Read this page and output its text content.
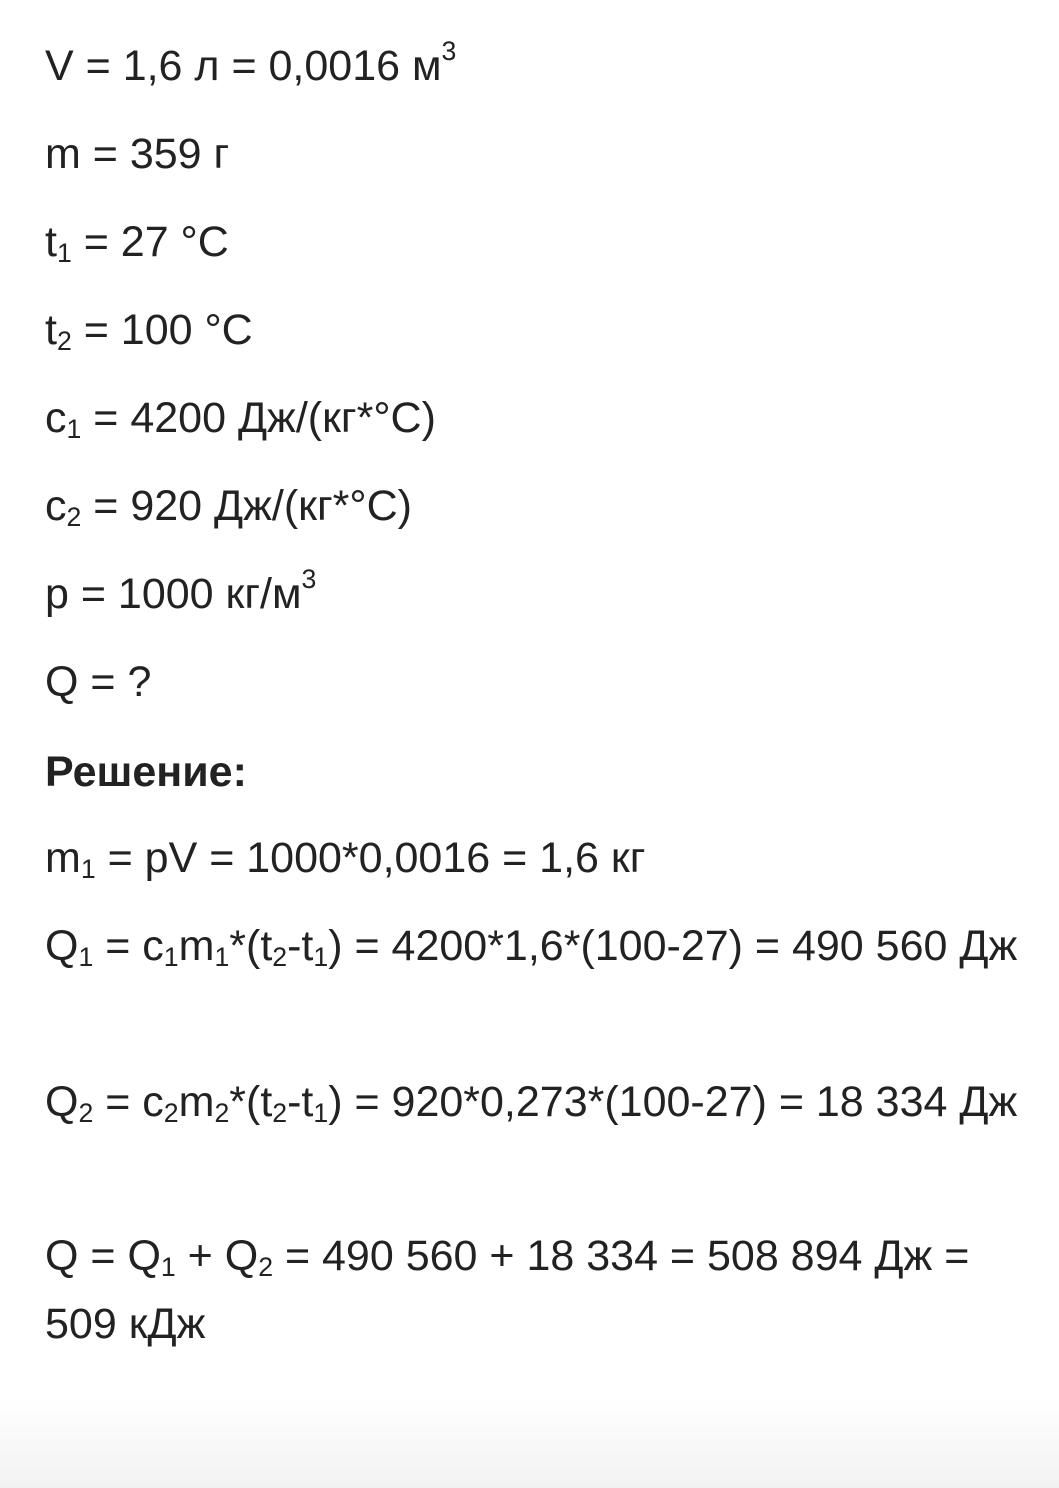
V = 1,6 л = 0,0016 $м^3$
m = 359 г
$t_1 = 27$ °C
$t_2 = 100$ °C
$c_1 = 4200$ Дж/(кг*°C)
$c_2 = 920$ Дж/(кг*°C)
p = 1000 $кг/м^3$
Q = ?
Решение:
$m_1$ = pV = 1000*0,0016 = 1,6 кг
$Q_1 = c_1m_1*(t_2-t_1) = 4200*1,6*(100-27) = 490$ 560 Дж
$Q_2 = c_2m_2*(t_2-t_1) = 920*0,273*(100-27) = 18$ 334 Дж
$Q = Q_1 + Q_2 = 490$ 560 + 18 334 = 508 894 Дж = 509 кДж
